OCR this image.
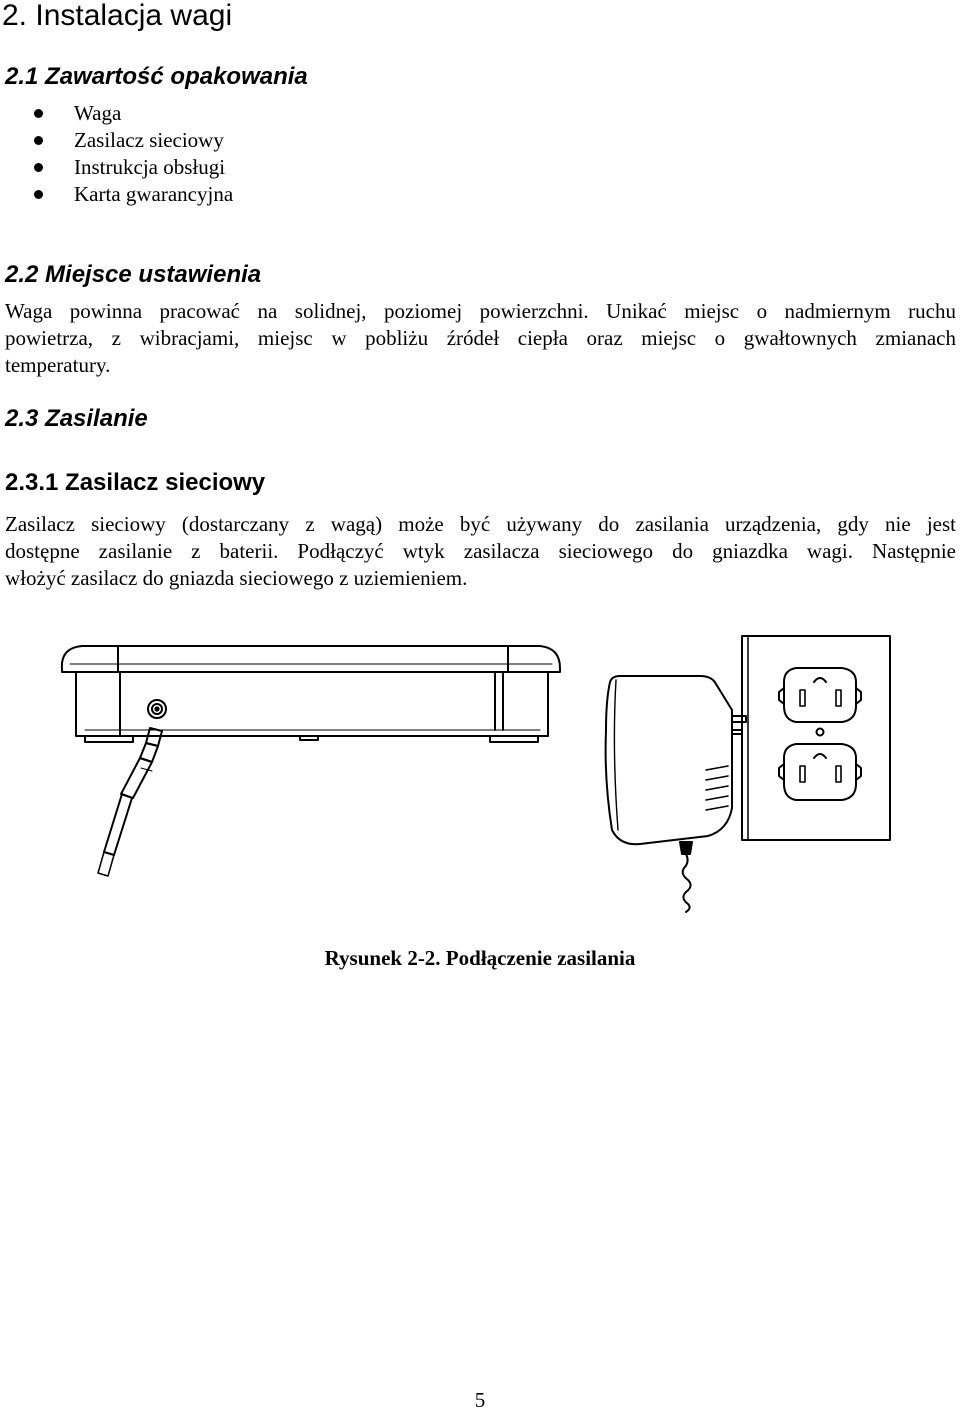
2. Instalacja wagi
2.1 Zawartość opakowania
Waga
Zasilacz sieciowy
Instrukcja obsługi
Karta gwarancyjna
2.2 Miejsce ustawienia
Waga powinna pracować na solidnej, poziomej powierzchni. Unikać miejsc o nadmiernym ruchu
powietrza, z wibracjami, miejsc w pobliżu źródeł ciepła oraz miejsc o gwałtownych zmianach
temperatury.
2.3 Zasilanie
2.3.1 Zasilacz sieciowy
Zasilacz sieciowy (dostarczany z wagą) może być używany do zasilania urządzenia, gdy nie jest
dostępne zasilanie z baterii. Podłączyć wtyk zasilacza sieciowego do gniazdka wagi. Następnie
włożyć zasilacz do gniazda sieciowego z uziemieniem.
Rysunek 2-2. Podłączenie zasilania
5
